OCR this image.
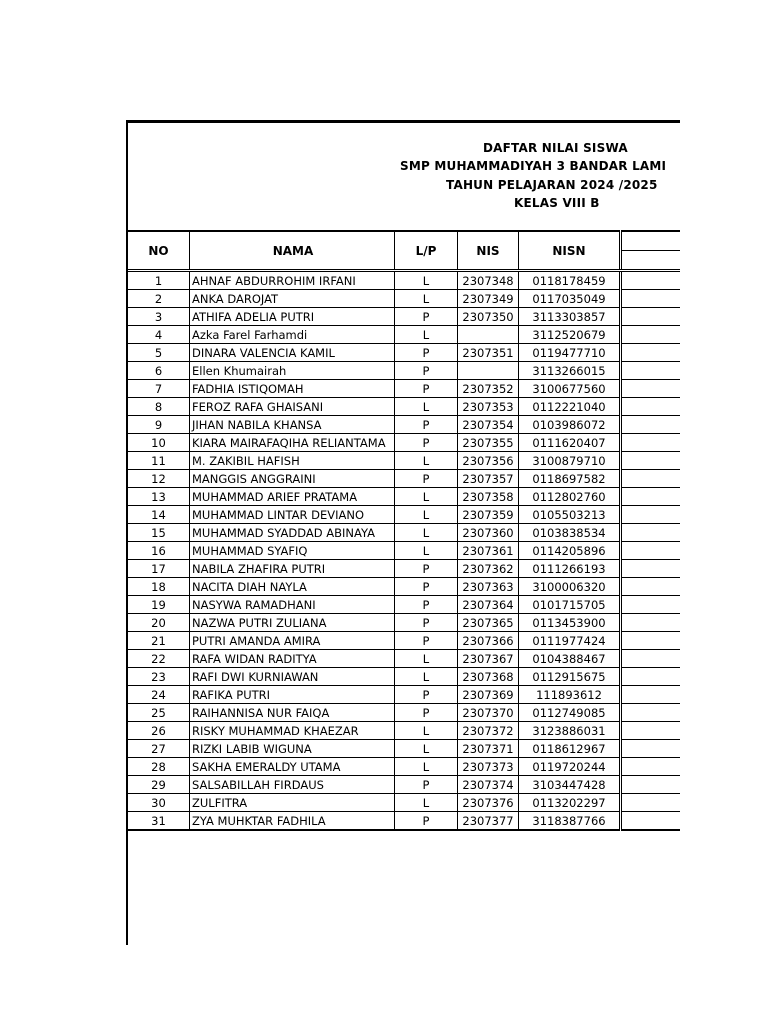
DAFTAR NILAI SISWA
SMP MUHAMMADIYAH 3 BANDAR LAMI
TAHUN PELAJARAN 2024 /2025
KELAS VIII B
NO	NAMA	L/P	NIS	NISN	

1	AHNAF ABDURROHIM IRFANI	L	2307348	0118178459	
2	ANKA DAROJAT	L	2307349	0117035049	
3	ATHIFA ADELIA PUTRI	P	2307350	3113303857	
4	Azka Farel Farhamdi	L		3112520679	
5	DINARA VALENCIA KAMIL	P	2307351	0119477710	
6	Ellen Khumairah	P		3113266015	
7	FADHIA ISTIQOMAH	P	2307352	3100677560	
8	FEROZ RAFA GHAISANI	L	2307353	0112221040	
9	JIHAN NABILA KHANSA	P	2307354	0103986072	
10	KIARA MAIRAFAQIHA RELIANTAMA	P	2307355	0111620407	
11	M. ZAKIBIL HAFISH	L	2307356	3100879710	
12	MANGGIS ANGGRAINI	P	2307357	0118697582	
13	MUHAMMAD ARIEF PRATAMA	L	2307358	0112802760	
14	MUHAMMAD LINTAR DEVIANO	L	2307359	0105503213	
15	MUHAMMAD SYADDAD ABINAYA	L	2307360	0103838534	
16	MUHAMMAD SYAFIQ	L	2307361	0114205896	
17	NABILA ZHAFIRA PUTRI	P	2307362	0111266193	
18	NACITA DIAH NAYLA	P	2307363	3100006320	
19	NASYWA RAMADHANI	P	2307364	0101715705	
20	NAZWA PUTRI ZULIANA	P	2307365	0113453900	
21	PUTRI AMANDA AMIRA	P	2307366	0111977424	
22	RAFA WIDAN RADITYA	L	2307367	0104388467	
23	RAFI DWI KURNIAWAN	L	2307368	0112915675	
24	RAFIKA PUTRI	P	2307369	111893612	
25	RAIHANNISA NUR FAIQA	P	2307370	0112749085	
26	RISKY MUHAMMAD KHAEZAR	L	2307372	3123886031	
27	RIZKI LABIB WIGUNA	L	2307371	0118612967	
28	SAKHA EMERALDY UTAMA	L	2307373	0119720244	
29	SALSABILLAH FIRDAUS	P	2307374	3103447428	
30	ZULFITRA	L	2307376	0113202297	
31	ZYA MUHKTAR FADHILA	P	2307377	3118387766	
